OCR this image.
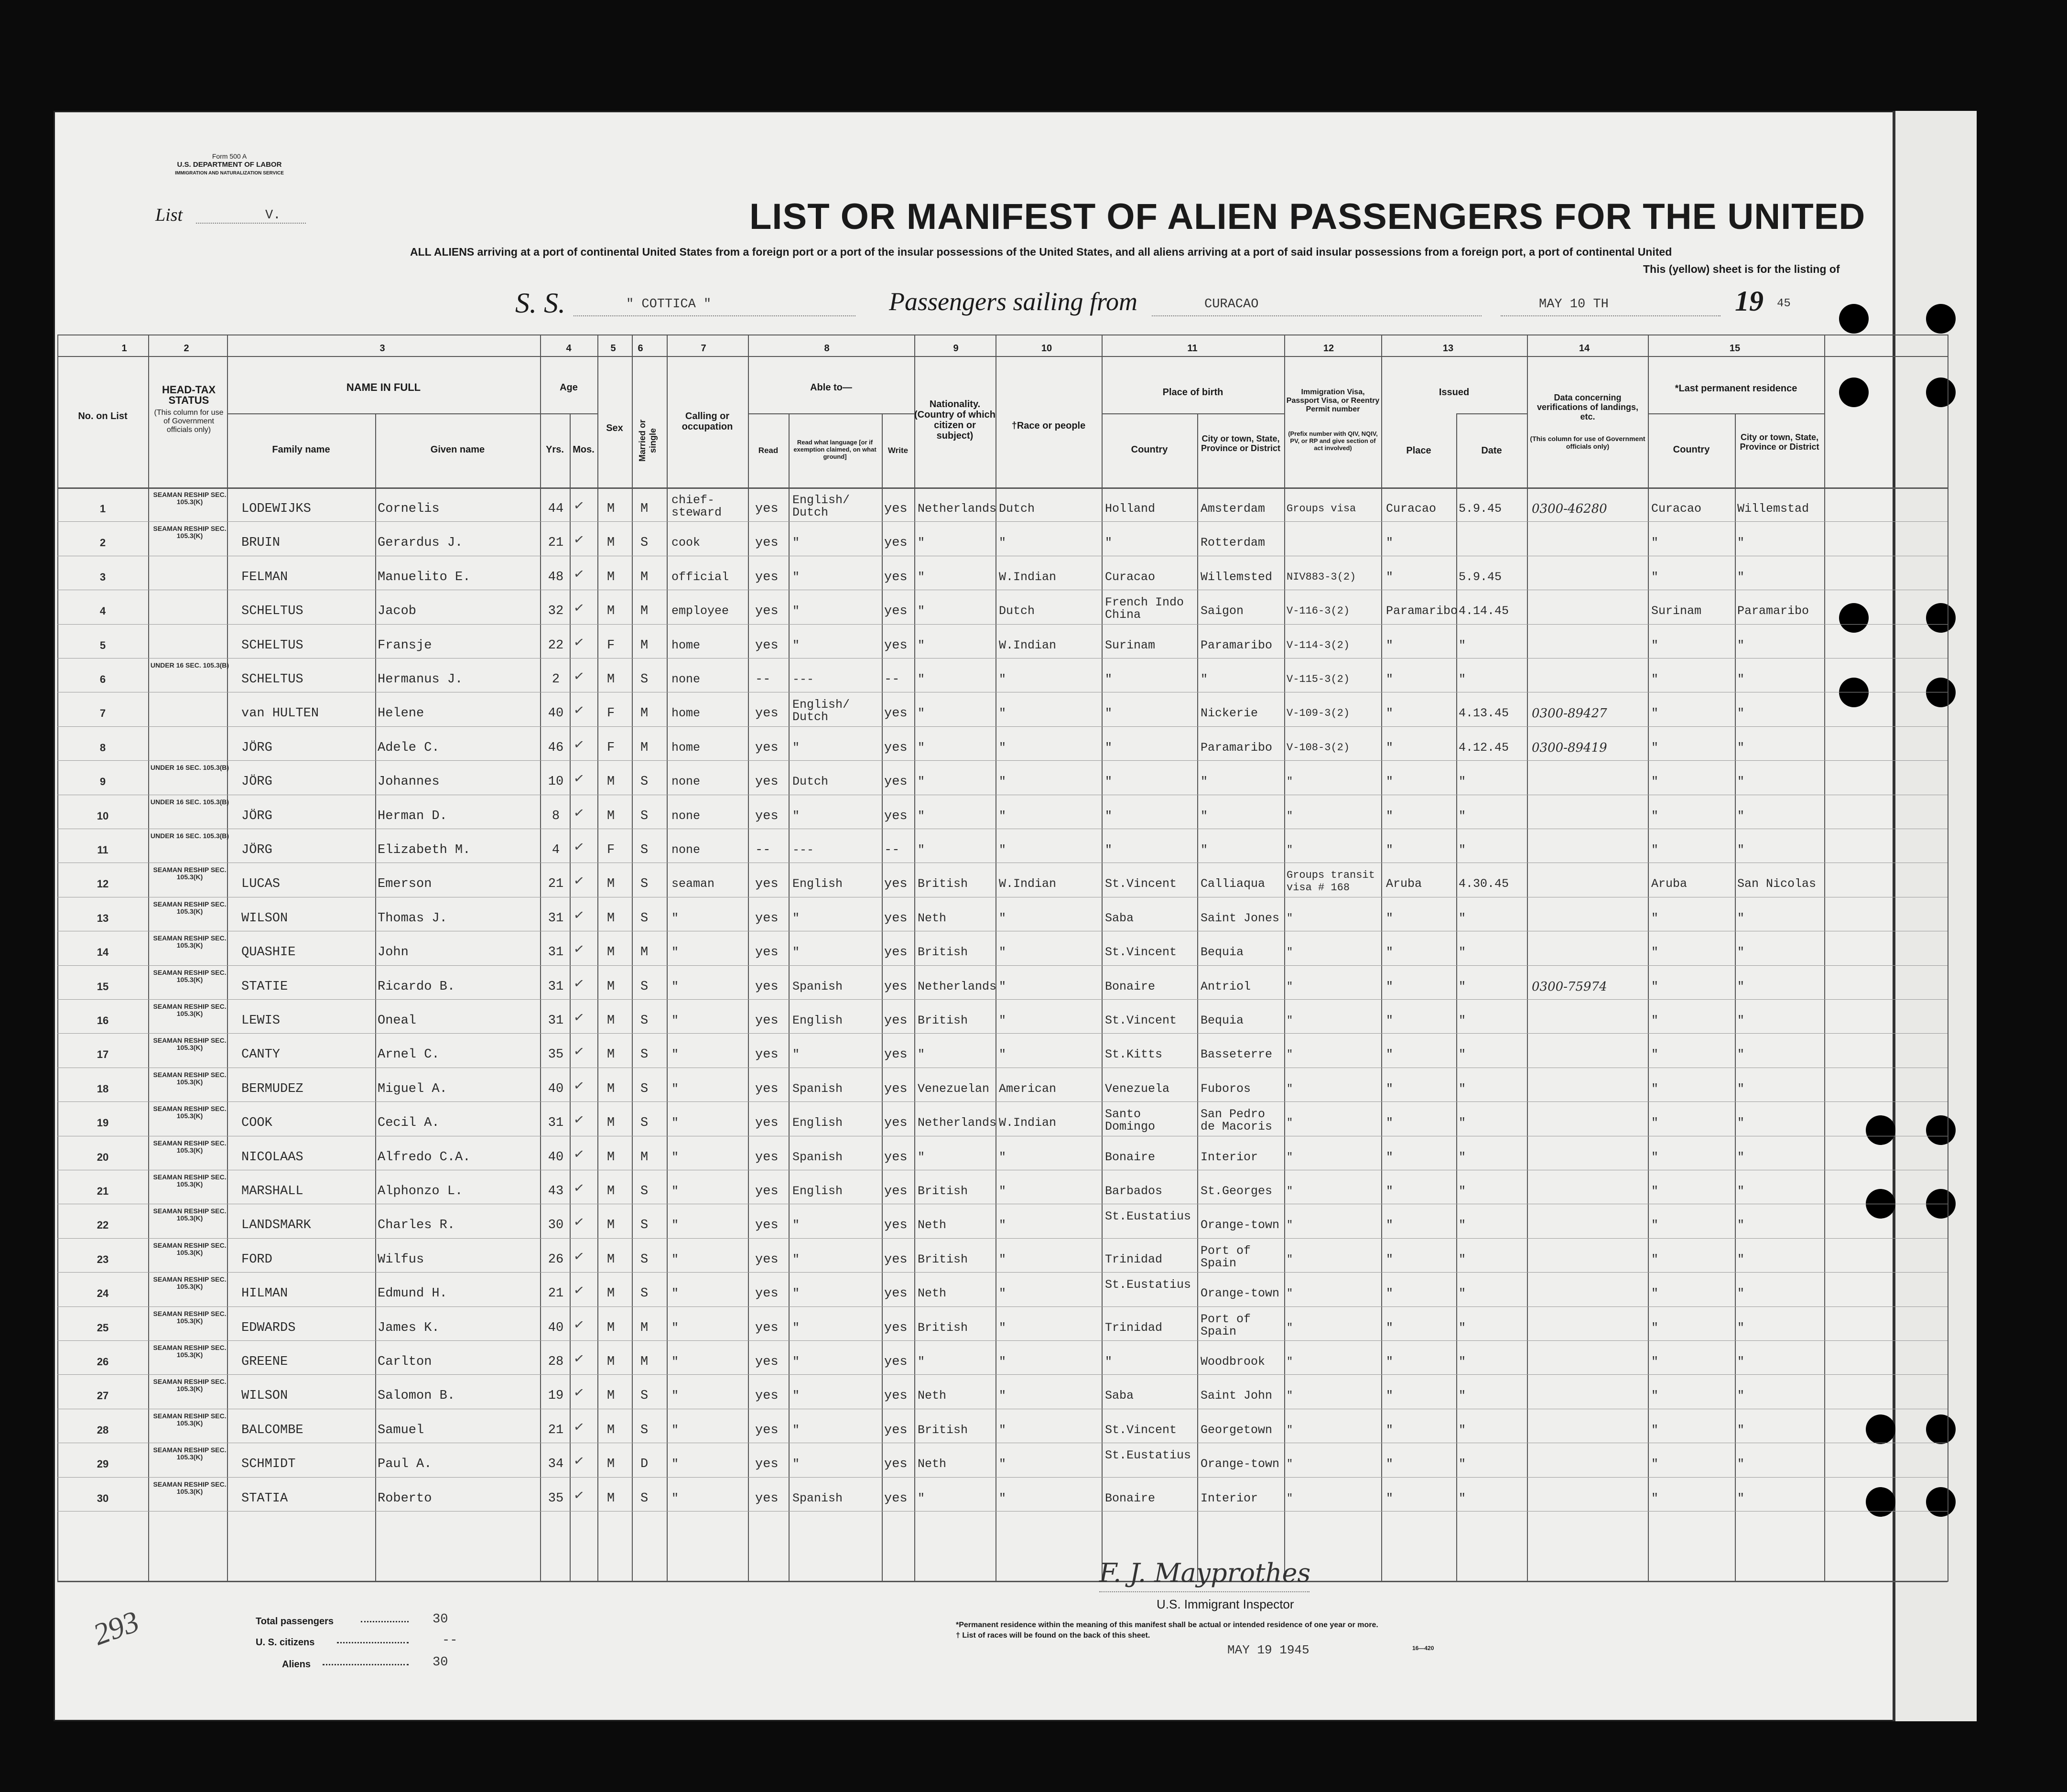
Form 500 A
U.S. DEPARTMENT OF LABOR
IMMIGRATION AND NATURALIZATION SERVICE
List	V.	LIST OR MANIFEST OF ALIEN PASSENGERS FOR THE UNITED
ALL ALIENS arriving at a port of continental United States from a foreign port or a port of the insular possessions of the United States, and all aliens arriving at a port of said insular possessions from a foreign port, a port of continental United
This (yellow) sheet is for the listing of
S. S.	" COTTICA "	Passengers sailing from	CURACAO	MAY 10 TH	19 45
1	2	3	4	5	6	7	8	9	10	11	12	13	14	15
No. on List
HEAD-TAX STATUS
(This column for use of Government officials only)
NAME IN FULL
Family name	Given name
Age
Yrs. Mos.
Sex	Married or single
Calling or occupation
Able to—
Read
Read what language [or if exemption claimed, on what ground]
Write
Nationality. (Country of which citizen or subject)
†Race or people
Place of birth
Country
City or town, State, Province or District
Immigration Visa, Passport Visa, or Reentry Permit number
(Prefix number with QIV, NQIV, PV, or RP and give section of act involved)
Issued
Place	Date
Data concerning verifications of landings, etc.
(This column for use of Government officials only)
*Last permanent residence
Country
City or town, State, Province or District
SEAMAN RESHIP SEC. 105.3(K)
1	LODEWIJKS	Cornelis	44	M M
chief-steward	yes
English/ Dutch	yes Netherlands Dutch	Holland	Amsterdam Groups visa	Curacao 5.9.45 0300-46280	Curacao	Willemstad
✓
SEAMAN RESHIP SEC. 105.3(K)
2	BRUIN	Gerardus J.	21	M S cook	yes "	yes "	"	"	Rotterdam	"	"	"
✓
3	FELMAN	Manuelito E.	48	M M official yes "	yes "	W.Indian	Curacao	Willemsted NIV883-3(2)	"	5.9.45	"	"
✓
4	SCHELTUS	Jacob	32	M M employee yes "	yes "	Dutch
French Indo China	Saigon	V-116-3(2)	Paramaribo 4.14.45	Surinam	Paramaribo
✓
5	SCHELTUS	Fransje	22	F M home	yes "	yes "	W.Indian	Surinam	Paramaribo V-114-3(2)	"	"	"	"
✓
UNDER 16 SEC. 105.3(B)
6	SCHELTUS	Hermanus J.	2	M S none	-- ---	-- "	"	"	"	V-115-3(2)	"	"	"	"
✓
7	van HULTEN	Helene	40	F M home	yes
English/ Dutch	yes "	"	"	Nickerie	V-109-3(2)	"	4.13.45 0300-89427	"	"
✓
8	JÖRG	Adele C.	46	F M home	yes "	yes "	"	"	Paramaribo V-108-3(2)	"	4.12.45 0300-89419	"	"
✓
UNDER 16 SEC. 105.3(B)
9	JÖRG	Johannes	10	M S none	yes Dutch	yes "	"	"	"	"	"	"	"	"
✓
UNDER 16 SEC. 105.3(B)
10	JÖRG	Herman D.	8	M S none	yes "	yes "	"	"	"	"	"	"	"	"
✓
UNDER 16 SEC. 105.3(B)
11	JÖRG	Elizabeth M.	4	F S none	-- ---	-- "	"	"	"	"	"	"	"	"
✓
SEAMAN RESHIP SEC. 105.3(K)
12	LUCAS	Emerson	21	M S seaman	yes English	yes British	W.Indian	St.Vincent Calliaqua
Groups transit visa # 168	Aruba	4.30.45	Aruba	San Nicolas
✓
SEAMAN RESHIP SEC. 105.3(K)
13	WILSON	Thomas J.	31	M S "	yes "	yes Neth	"	Saba	Saint Jones "	"	"	"	"
✓
SEAMAN RESHIP SEC. 105.3(K)
14	QUASHIE	John	31	M M "	yes "	yes British	"	St.Vincent Bequia	"	"	"	"	"
✓
SEAMAN RESHIP SEC. 105.3(K)
15	STATIE	Ricardo B.	31	M S "	yes Spanish	yes Netherlands "	Bonaire	Antriol	"	"	"	0300-75974	"	"
✓
SEAMAN RESHIP SEC. 105.3(K)
16	LEWIS	Oneal	31	M S "	yes English	yes British	"	St.Vincent Bequia	"	"	"	"	"
✓
SEAMAN RESHIP SEC. 105.3(K)
17	CANTY	Arnel C.	35	M S "	yes "	yes "	"	St.Kitts	Basseterre "	"	"	"	"
✓
SEAMAN RESHIP SEC. 105.3(K)
18	BERMUDEZ	Miguel A.	40	M S "	yes Spanish	yes Venezuelan American	Venezuela	Fuboros	"	"	"	"	"
✓
SEAMAN RESHIP SEC. 105.3(K)
19	COOK	Cecil A.	31	M S "	yes English	yes Netherlands W.Indian
Santo Domingo
San Pedro de Macoris	"	"	"	"	"
✓
SEAMAN RESHIP SEC. 105.3(K)
20	NICOLAAS	Alfredo C.A.	40	M M "	yes Spanish	yes "	"	Bonaire	Interior	"	"	"	"	"
✓
SEAMAN RESHIP SEC. 105.3(K)
21	MARSHALL	Alphonzo L.	43	M S "	yes English	yes British	"	Barbados	St.Georges "	"	"	"	"
✓
SEAMAN RESHIP SEC. 105.3(K)
22	LANDSMARK	Charles R.	30	M S "	yes "	yes Neth	"
St.Eustatius
Orange-town "	"	"	"	"
✓
SEAMAN RESHIP SEC. 105.3(K)
23	FORD	Wilfus	26	M S "	yes "	yes British	"	Trinidad
Port of Spain	"	"	"	"	"
✓
SEAMAN RESHIP SEC. 105.3(K)
24	HILMAN	Edmund H.	21	M S "	yes "	yes Neth	"
St.Eustatius
Orange-town "	"	"	"	"
✓
SEAMAN RESHIP SEC. 105.3(K)
25	EDWARDS	James K.	40	M M "	yes "	yes British	"	Trinidad
Port of Spain	"	"	"	"	"
✓
SEAMAN RESHIP SEC. 105.3(K)
26	GREENE	Carlton	28	M M "	yes "	yes "	"	"	Woodbrook "	"	"	"	"
✓
SEAMAN RESHIP SEC. 105.3(K)
27	WILSON	Salomon B.	19	M S "	yes "	yes Neth	"	Saba	Saint John "	"	"	"	"
✓
SEAMAN RESHIP SEC. 105.3(K)
28	BALCOMBE	Samuel	21	M S "	yes "	yes British	"	St.Vincent Georgetown "	"	"	"	"
✓
SEAMAN RESHIP SEC. 105.3(K)
29	SCHMIDT	Paul A.	34	M D "	yes "	yes Neth	"
St.Eustatius
Orange-town "	"	"	"	"
✓
SEAMAN RESHIP SEC. 105.3(K)
30	STATIA	Roberto	35	M S "	yes Spanish	yes "	"	Bonaire	Interior	"	"	"	"	"
✓
293	Total passengers	30
U. S. citizens	--
Aliens	30
F. J. Mayprothes
U.S. Immigrant Inspector
*Permanent residence within the meaning of this manifest shall be actual or intended residence of one year or more.
† List of races will be found on the back of this sheet.
MAY 19 1945	16—420
